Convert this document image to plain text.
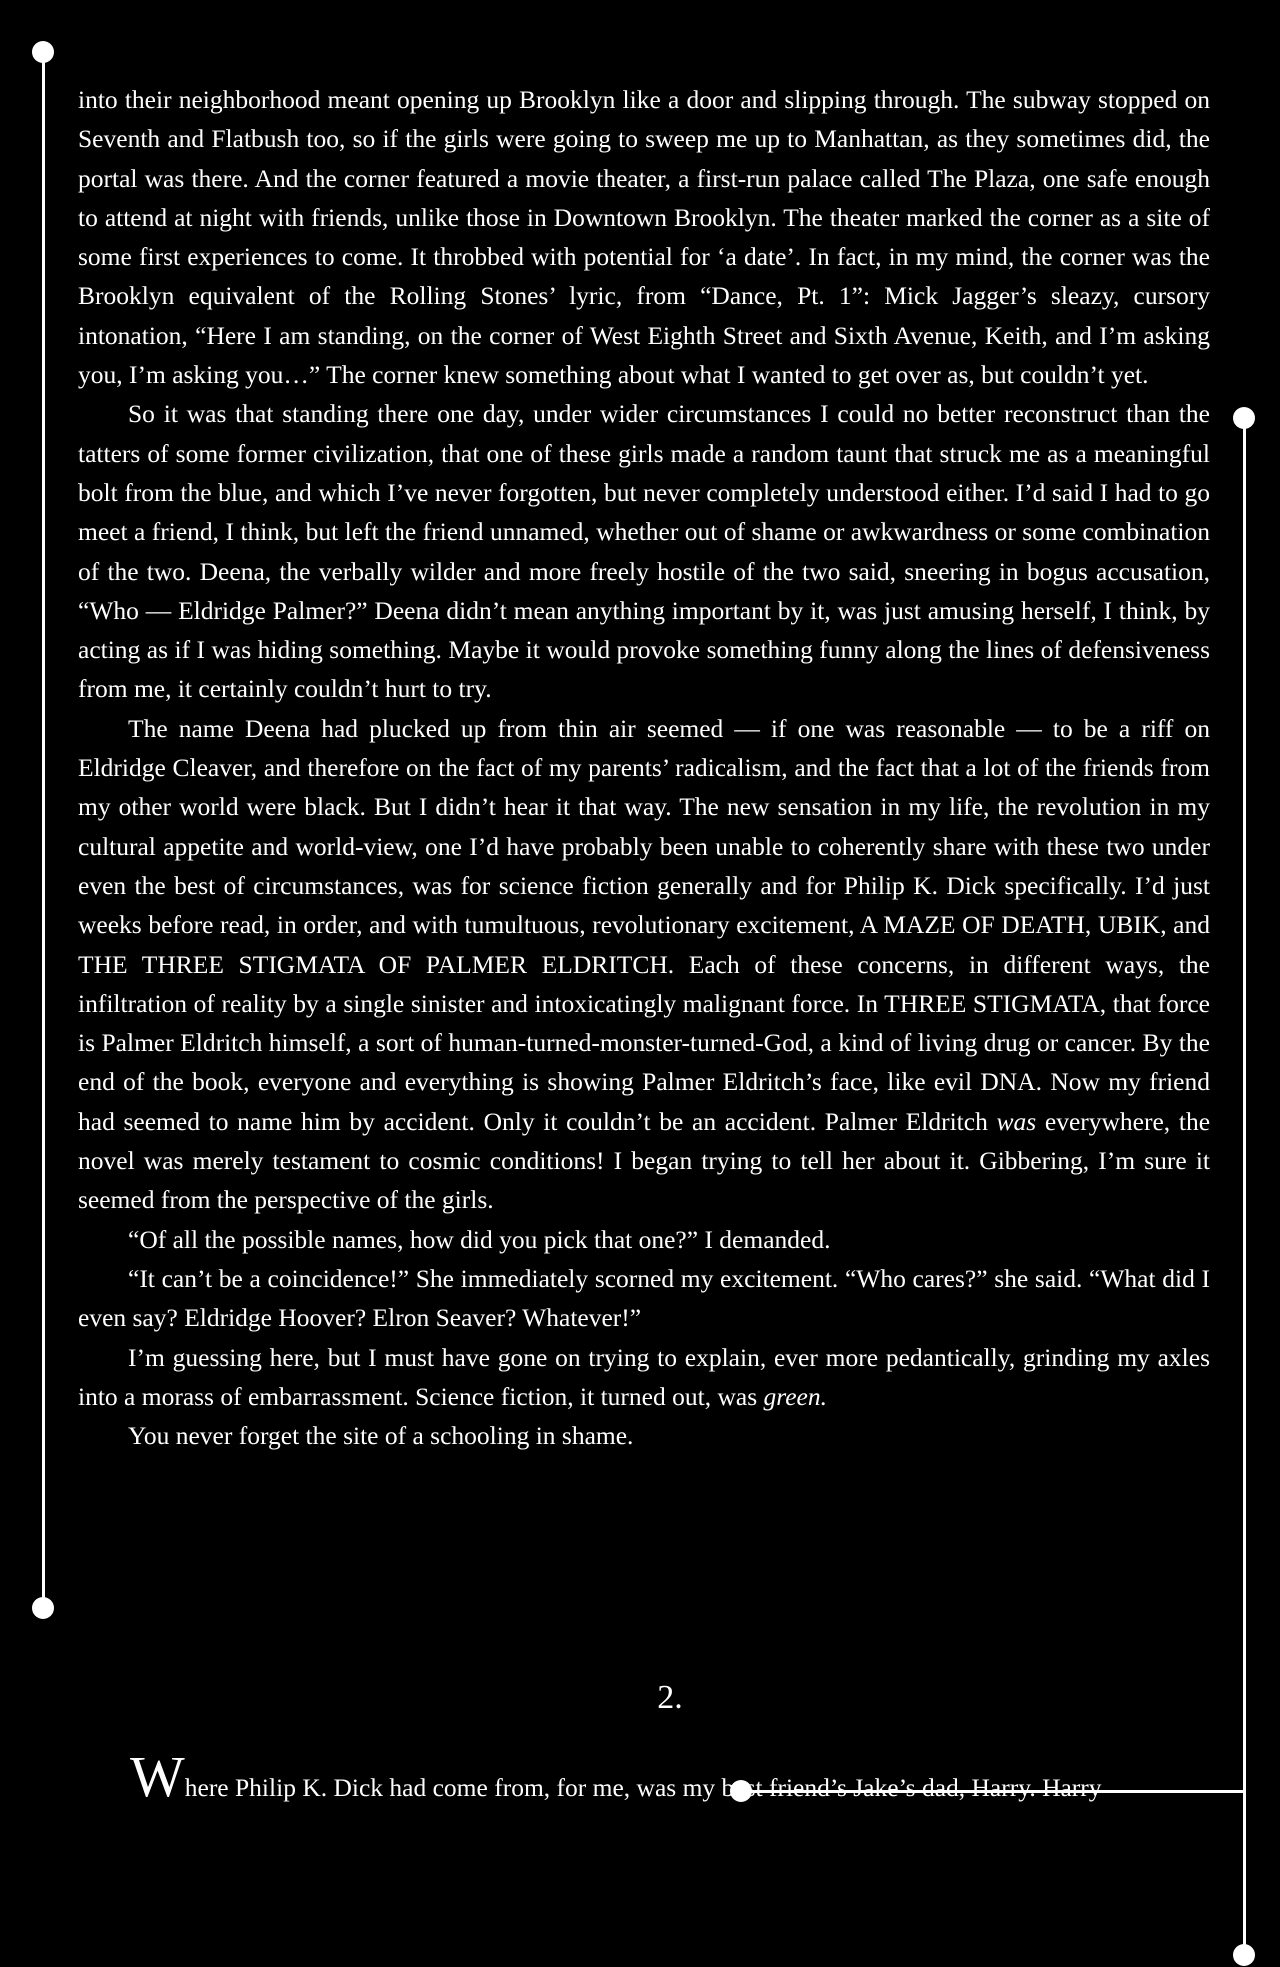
into their neighborhood meant opening up Brooklyn like a door and slipping through. The subway stopped on Seventh and Flatbush too, so if the girls were going to sweep me up to Manhattan, as they sometimes did, the portal was there. And the corner featured a movie theater, a first-run palace called The Plaza, one safe enough to attend at night with friends, unlike those in Downtown Brooklyn. The theater marked the corner as a site of some first experiences to come. It throbbed with potential for ‘a date’. In fact, in my mind, the corner was the Brooklyn equivalent of the Rolling Stones’ lyric, from “Dance, Pt. 1”: Mick Jagger’s sleazy, cursory intonation, “Here I am standing, on the corner of West Eighth Street and Sixth Avenue, Keith, and I’m asking you, I’m asking you…” The corner knew something about what I wanted to get over as, but couldn’t yet.

So it was that standing there one day, under wider circumstances I could no better reconstruct than the tatters of some former civilization, that one of these girls made a random taunt that struck me as a meaningful bolt from the blue, and which I’ve never forgotten, but never completely understood either. I’d said I had to go meet a friend, I think, but left the friend unnamed, whether out of shame or awkwardness or some combination of the two. Deena, the verbally wilder and more freely hostile of the two said, sneering in bogus accusation, “Who — Eldridge Palmer?” Deena didn’t mean anything important by it, was just amusing herself, I think, by acting as if I was hiding something. Maybe it would provoke something funny along the lines of defensiveness from me, it certainly couldn’t hurt to try.

The name Deena had plucked up from thin air seemed — if one was reasonable — to be a riff on Eldridge Cleaver, and therefore on the fact of my parents’ radicalism, and the fact that a lot of the friends from my other world were black. But I didn’t hear it that way. The new sensation in my life, the revolution in my cultural appetite and world-view, one I’d have probably been unable to coherently share with these two under even the best of circumstances, was for science fiction generally and for Philip K. Dick specifically. I’d just weeks before read, in order, and with tumultuous, revolutionary excitement, A MAZE OF DEATH, UBIK, and THE THREE STIGMATA OF PALMER ELDRITCH. Each of these concerns, in different ways, the infiltration of reality by a single sinister and intoxicatingly malignant force. In THREE STIGMATA, that force is Palmer Eldritch himself, a sort of human-turned-monster-turned-God, a kind of living drug or cancer. By the end of the book, everyone and everything is showing Palmer Eldritch’s face, like evil DNA. Now my friend had seemed to name him by accident. Only it couldn’t be an accident. Palmer Eldritch was everywhere, the novel was merely testament to cosmic conditions! I began trying to tell her about it. Gibbering, I’m sure it seemed from the perspective of the girls.

“Of all the possible names, how did you pick that one?” I demanded.

“It can’t be a coincidence!” She immediately scorned my excitement. “Who cares?” she said. “What did I even say? Eldridge Hoover? Elron Seaver? Whatever!”

I’m guessing here, but I must have gone on trying to explain, ever more pedantically, grinding my axles into a morass of embarrassment. Science fiction, it turned out, was green.

You never forget the site of a schooling in shame.

2.
Where Philip K. Dick had come from, for me, was my best friend’s Jake’s dad, Harry. Harry
